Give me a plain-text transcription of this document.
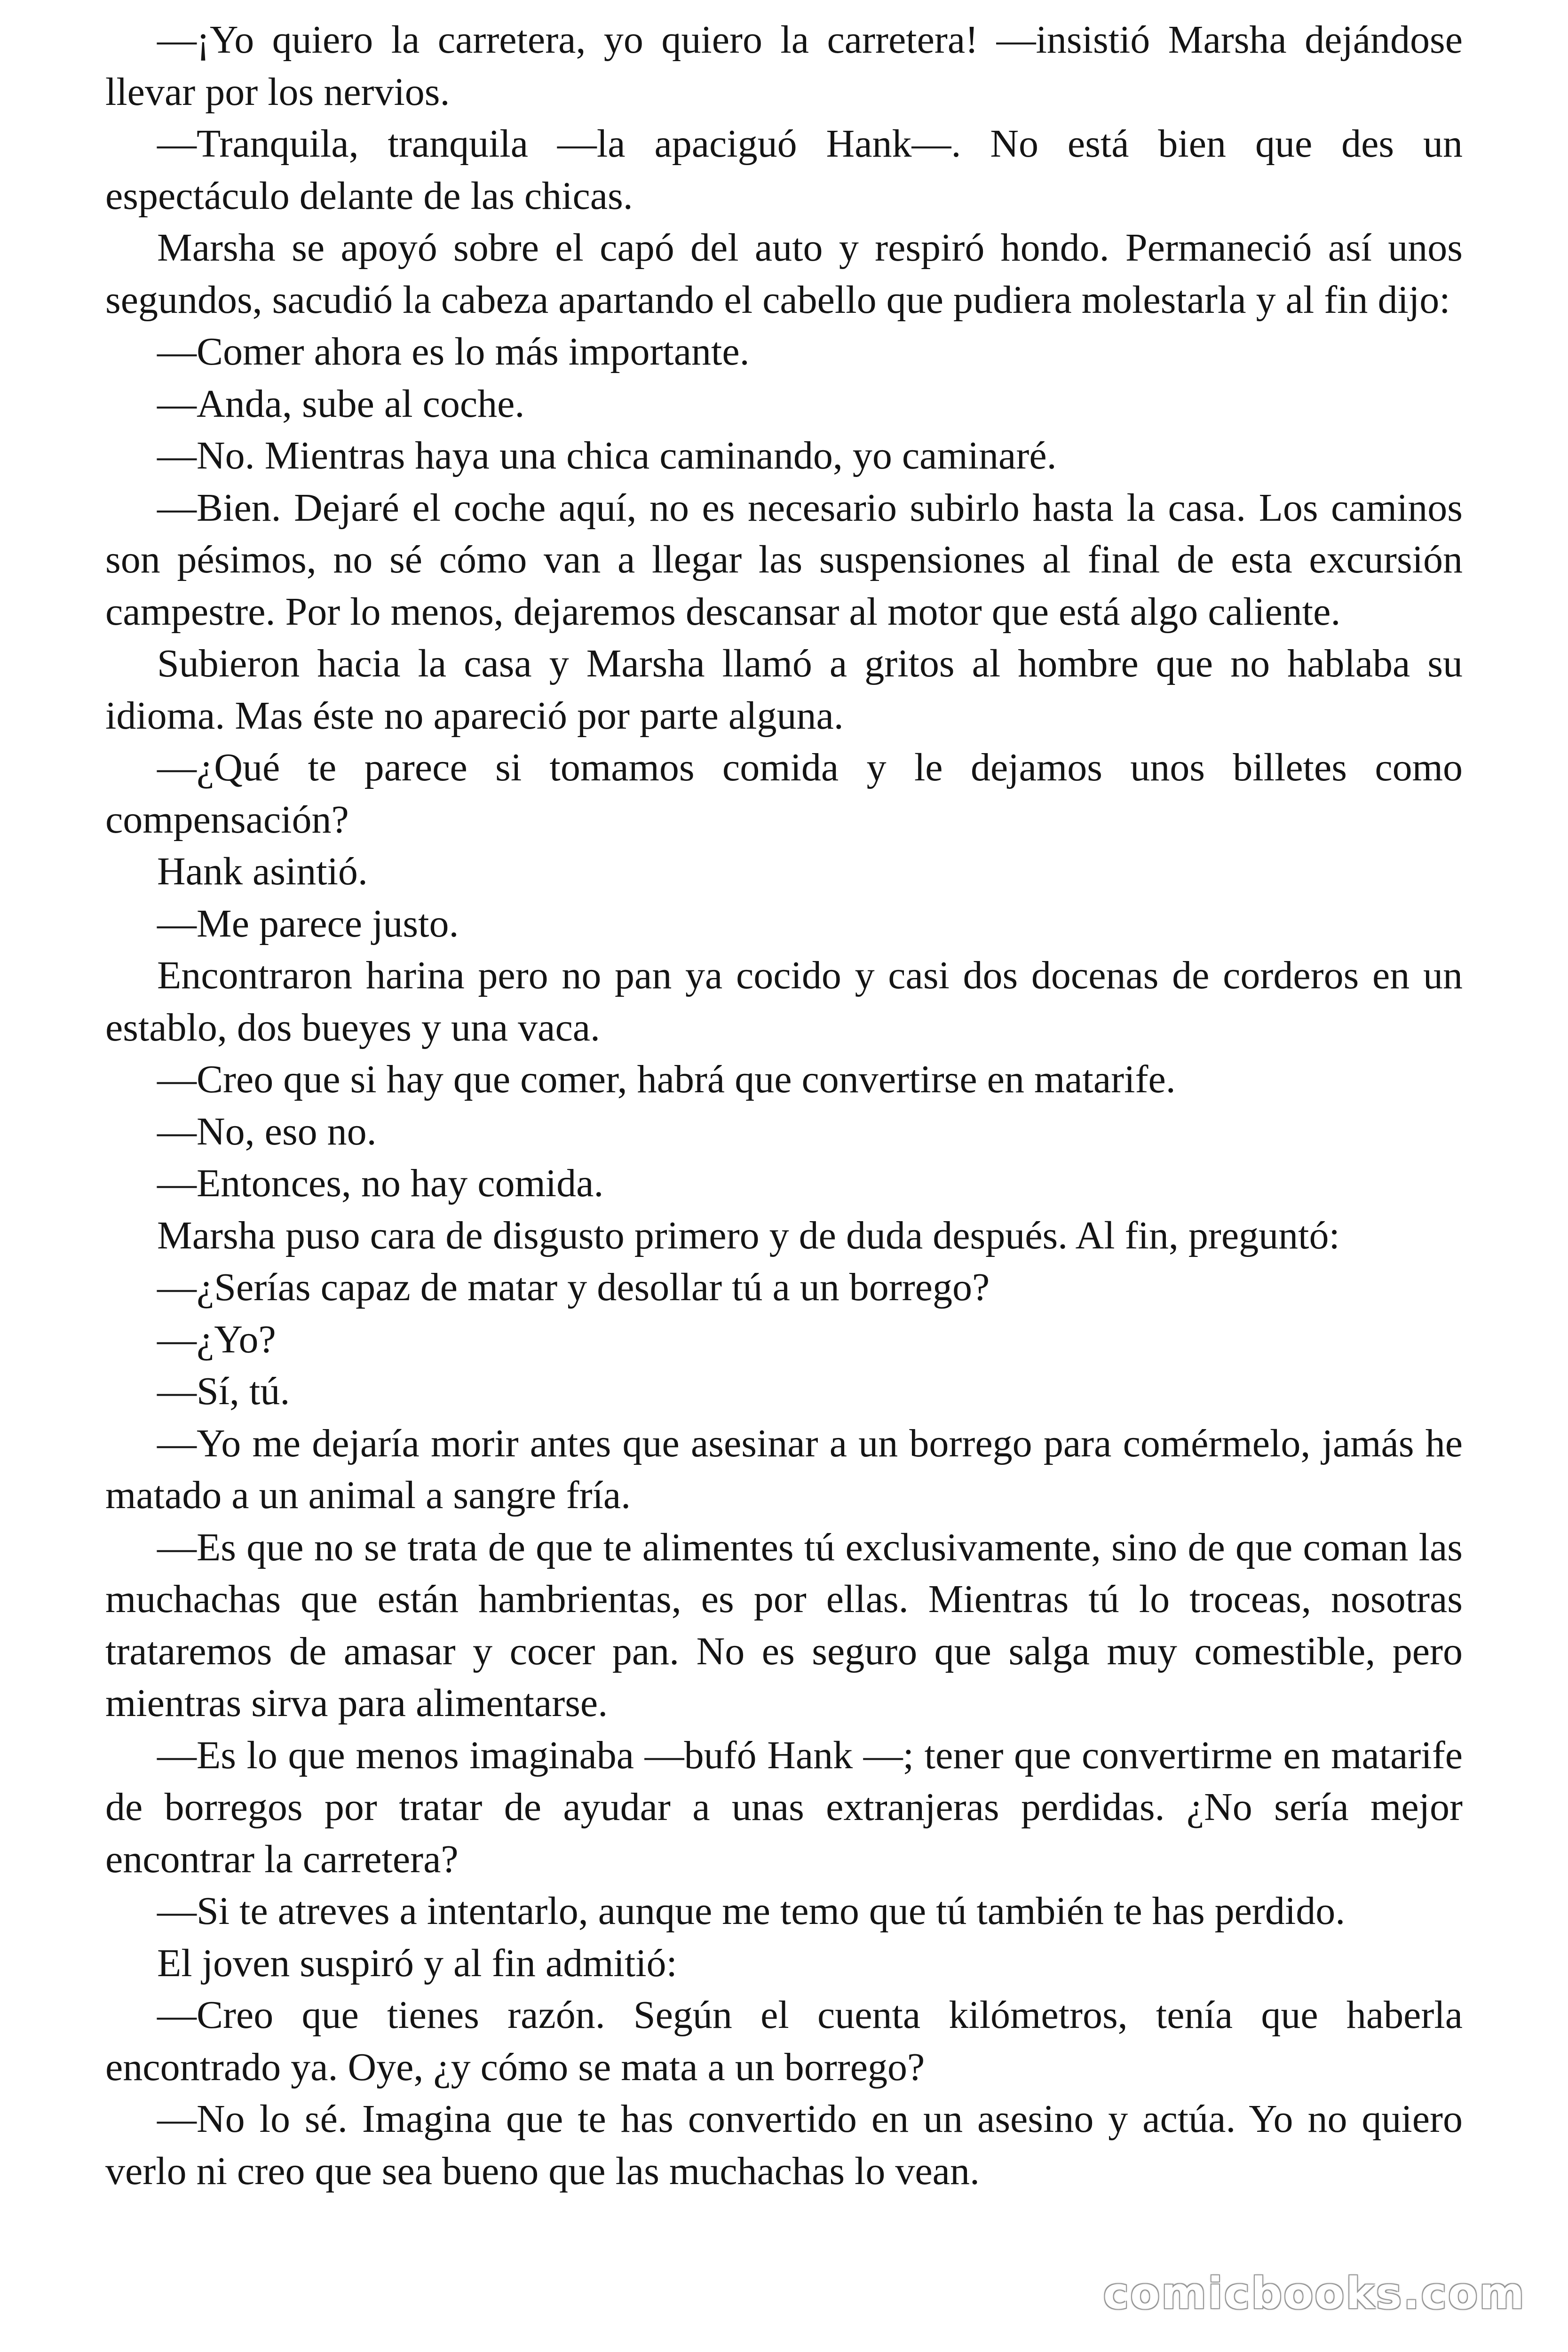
—¡Yo quiero la carretera, yo quiero la carretera! —insistió Marsha dejándose llevar por los nervios.

—Tranquila, tranquila —la apaciguó Hank—. No está bien que des un espectáculo delante de las chicas.

Marsha se apoyó sobre el capó del auto y respiró hondo. Permaneció así unos segundos, sacudió la cabeza apartando el cabello que pudiera molestarla y al fin dijo:

—Comer ahora es lo más importante.

—Anda, sube al coche.

—No. Mientras haya una chica caminando, yo caminaré.

—Bien. Dejaré el coche aquí, no es necesario subirlo hasta la casa. Los caminos son pésimos, no sé cómo van a llegar las suspensiones al final de esta excursión campestre. Por lo menos, dejaremos descansar al motor que está algo caliente.

Subieron hacia la casa y Marsha llamó a gritos al hombre que no hablaba su idioma. Mas éste no apareció por parte alguna.

—¿Qué te parece si tomamos comida y le dejamos unos billetes como compensación?

Hank asintió.

—Me parece justo.

Encontraron harina pero no pan ya cocido y casi dos docenas de corderos en un establo, dos bueyes y una vaca.

—Creo que si hay que comer, habrá que convertirse en matarife.

—No, eso no.

—Entonces, no hay comida.

Marsha puso cara de disgusto primero y de duda después. Al fin, preguntó:

—¿Serías capaz de matar y desollar tú a un borrego?

—¿Yo?

—Sí, tú.

—Yo me dejaría morir antes que asesinar a un borrego para comérmelo, jamás he matado a un animal a sangre fría.

—Es que no se trata de que te alimentes tú exclusivamente, sino de que coman las muchachas que están hambrientas, es por ellas. Mientras tú lo troceas, nosotras trataremos de amasar y cocer pan. No es seguro que salga muy comestible, pero mientras sirva para alimentarse.

—Es lo que menos imaginaba —bufó Hank —; tener que convertirme en matarife de borregos por tratar de ayudar a unas extranjeras perdidas. ¿No sería mejor encontrar la carretera?

—Si te atreves a intentarlo, aunque me temo que tú también te has perdido.

El joven suspiró y al fin admitió:

—Creo que tienes razón. Según el cuenta kilómetros, tenía que haberla encontrado ya. Oye, ¿y cómo se mata a un borrego?

—No lo sé. Imagina que te has convertido en un asesino y actúa. Yo no quiero verlo ni creo que sea bueno que las muchachas lo vean.

comicbooks.com
